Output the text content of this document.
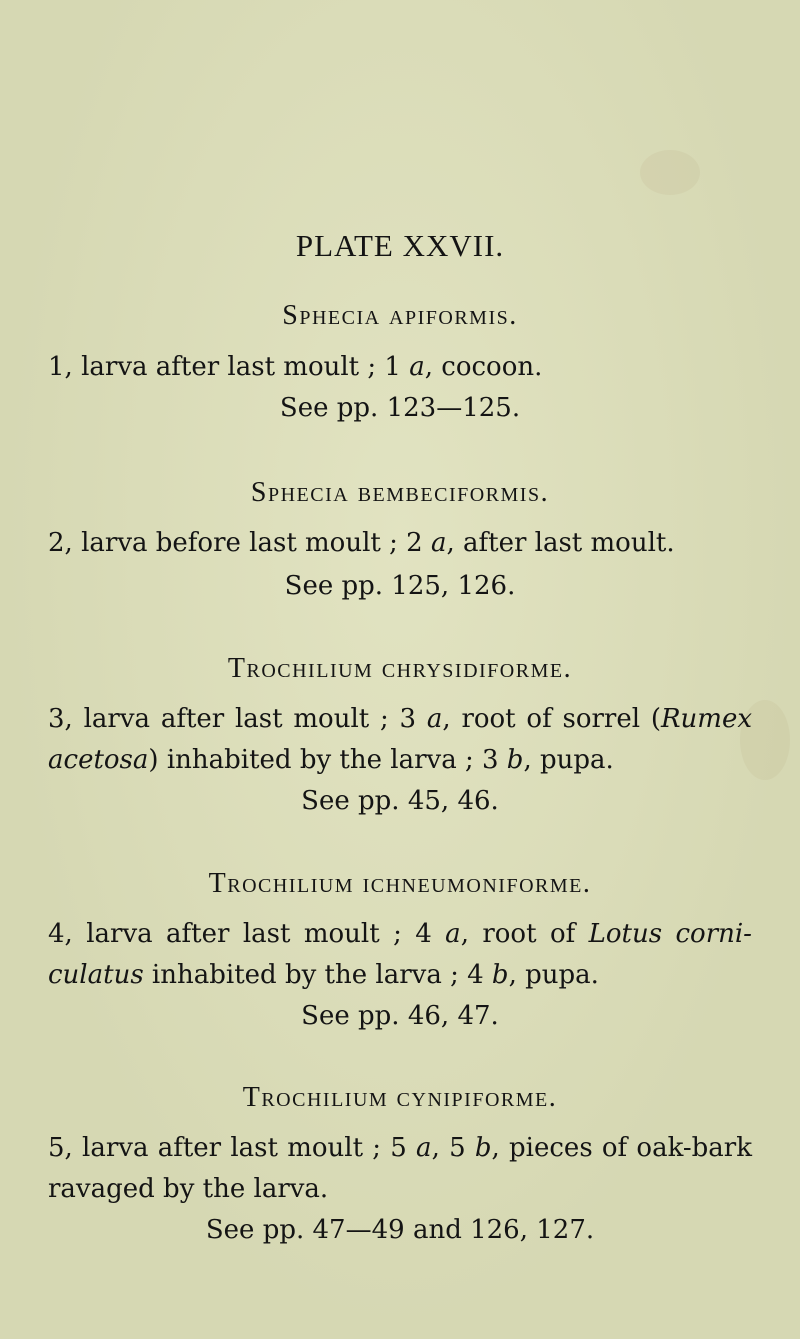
PLATE XXVII.
Sphecia apiformis.
1, larva after last moult ; 1 a, cocoon.
See pp. 123—125.
Sphecia bembeciformis.
2, larva before last moult ; 2 a, after last moult.
See pp. 125, 126.
Trochilium chrysidiforme.
3, larva after last moult ; 3 a, root of sorrel (Rumex
acetosa) inhabited by the larva ; 3 b, pupa.
See pp. 45, 46.
Trochilium ichneumoniforme.
4, larva after last moult ; 4 a, root of Lotus corni-
culatus inhabited by the larva ; 4 b, pupa.
See pp. 46, 47.
Trochilium cynipiforme.
5, larva after last moult ; 5 a, 5 b, pieces of oak-bark
ravaged by the larva.
See pp. 47—49 and 126, 127.
